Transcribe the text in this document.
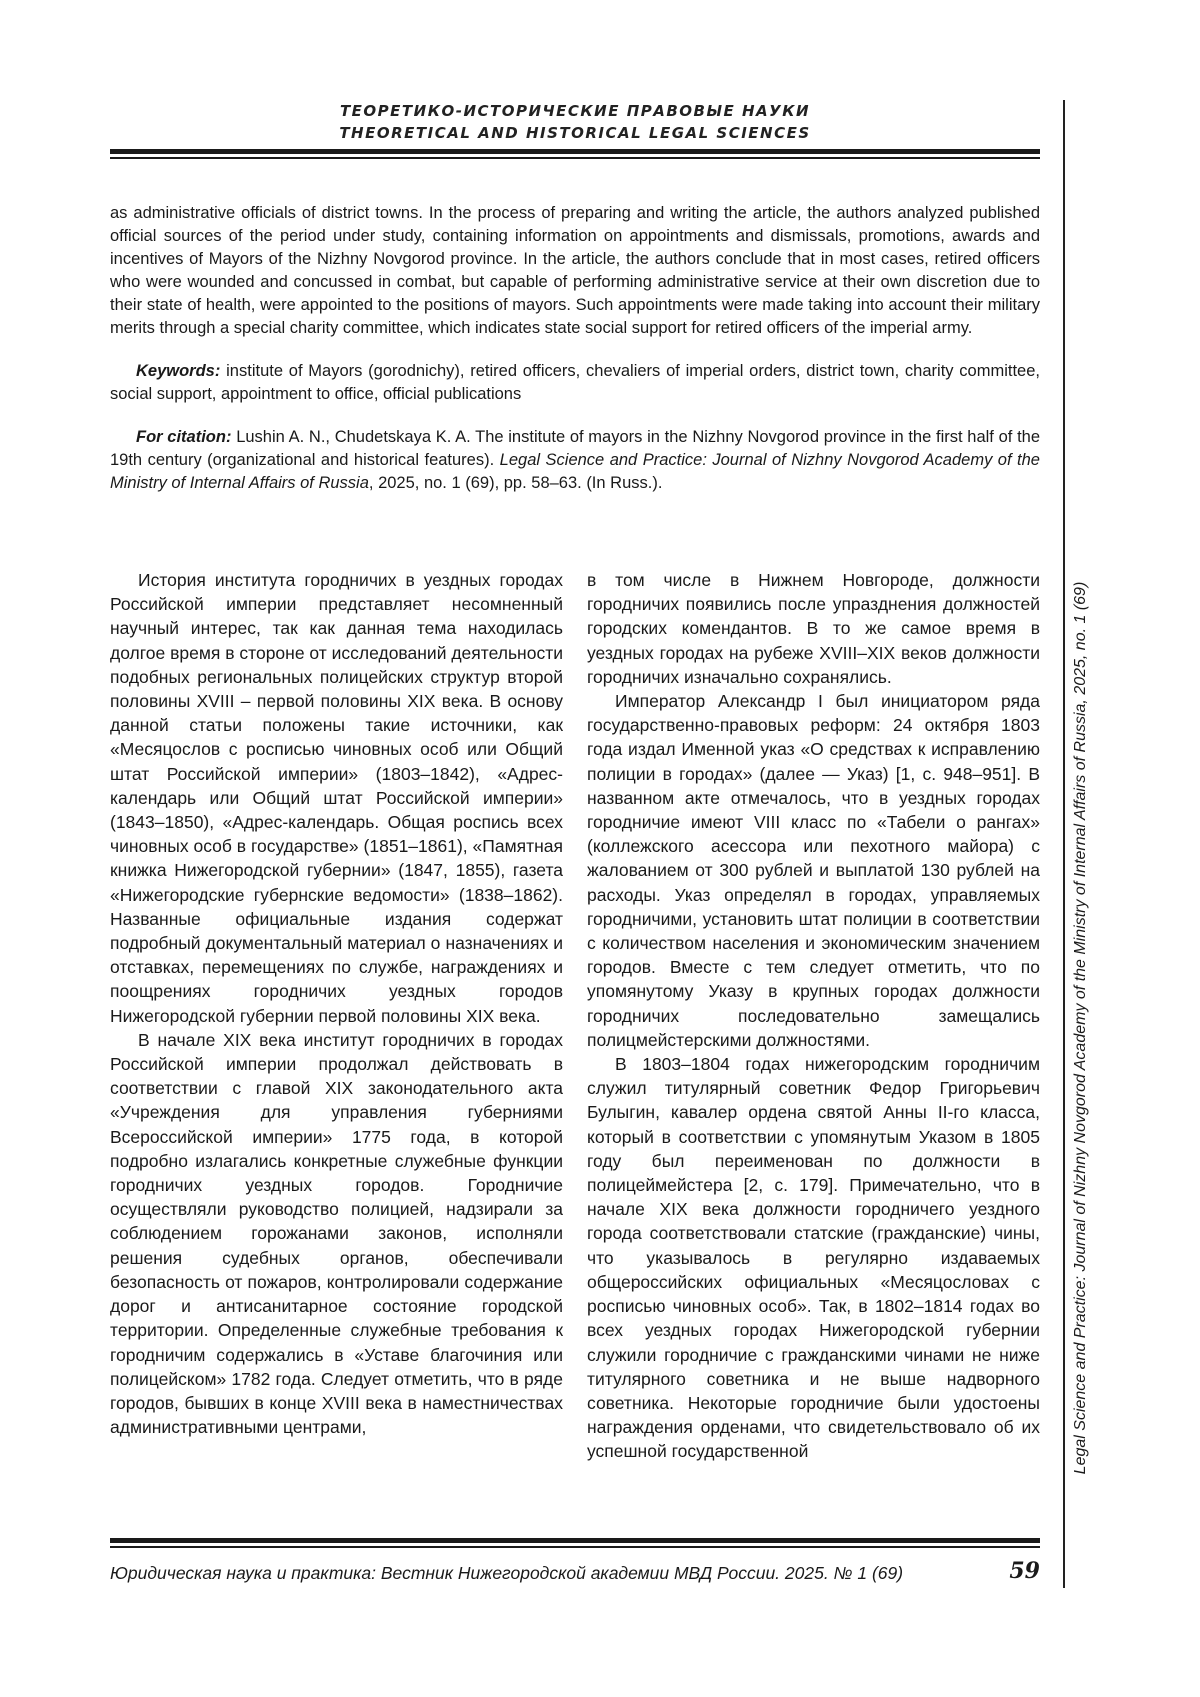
ТЕОРЕТИКО-ИСТОРИЧЕСКИЕ ПРАВОВЫЕ НАУКИ
THEORETICAL AND HISTORICAL LEGAL SCIENCES
Legal Science and Practice: Journal of Nizhny Novgorod Academy of the Ministry of Internal Affairs of Russia, 2025, no. 1 (69)

as administrative officials of district towns. In the process of preparing and writing the article, the authors analyzed published official sources of the period under study, containing information on appointments and dismissals, promotions, awards and incentives of Mayors of the Nizhny Novgorod province. In the article, the authors conclude that in most cases, retired officers who were wounded and concussed in combat, but capable of performing administrative service at their own discretion due to their state of health, were appointed to the positions of mayors. Such appointments were made taking into account their military merits through a special charity committee, which indicates state social support for retired officers of the imperial army.

Keywords: institute of Mayors (gorodnichy), retired officers, chevaliers of imperial orders, district town, charity committee, social support, appointment to office, official publications

For citation: Lushin A. N., Chudetskaya K. A. The institute of mayors in the Nizhny Novgorod province in the first half of the 19th century (organizational and historical features). Legal Science and Practice: Journal of Nizhny Novgorod Academy of the Ministry of Internal Affairs of Russia, 2025, no. 1 (69), pp. 58–63. (In Russ.).

История института городничих в уездных городах Российской империи представляет несомненный научный интерес, так как данная тема находилась долгое время в стороне от исследований деятельности подобных региональных полицейских структур второй половины XVIII – первой половины XIX века. В основу данной статьи положены такие источники, как «Месяцослов с росписью чиновных особ или Общий штат Российской империи» (1803–1842), «Адрес-календарь или Общий штат Российской империи» (1843–1850), «Адрес-календарь. Общая роспись всех чиновных особ в государстве» (1851–1861), «Памятная книжка Нижегородской губернии» (1847, 1855), газета «Нижегородские губернские ведомости» (1838–1862). Названные официальные издания содержат подробный документальный материал о назначениях и отставках, перемещениях по службе, награждениях и поощрениях городничих уездных городов Нижегородской губернии первой половины XIX века.

В начале XIX века институт городничих в городах Российской империи продолжал действовать в соответствии с главой XIX законодательного акта «Учреждения для управления губерниями Всероссийской империи» 1775 года, в которой подробно излагались конкретные служебные функции городничих уездных городов. Городничие осуществляли руководство полицией, надзирали за соблюдением горожанами законов, исполняли решения судебных органов, обеспечивали безопасность от пожаров, контролировали содержание дорог и антисанитарное состояние городской территории. Определенные служебные требования к городничим содержались в «Уставе благочиния или полицейском» 1782 года. Следует отметить, что в ряде городов, бывших в конце XVIII века в наместничествах административными центрами,

в том числе в Нижнем Новгороде, должности городничих появились после упразднения должностей городских комендантов. В то же самое время в уездных городах на рубеже XVIII–XIX веков должности городничих изначально сохранялись.

Император Александр I был инициатором ряда государственно-правовых реформ: 24 октября 1803 года издал Именной указ «О средствах к исправлению полиции в городах» (далее — Указ) [1, с. 948–951]. В названном акте отмечалось, что в уездных городах городничие имеют VIII класс по «Табели о рангах» (коллежского асессора или пехотного майора) с жалованием от 300 рублей и выплатой 130 рублей на расходы. Указ определял в городах, управляемых городничими, установить штат полиции в соответствии с количеством населения и экономическим значением городов. Вместе с тем следует отметить, что по упомянутому Указу в крупных городах должности городничих последовательно замещались полицмейстерскими должностями.

В 1803–1804 годах нижегородским городничим служил титулярный советник Федор Григорьевич Булыгин, кавалер ордена святой Анны II-го класса, который в соответствии с упомянутым Указом в 1805 году был переименован по должности в полицеймейстера [2, с. 179]. Примечательно, что в начале XIX века должности городничего уездного города соответствовали статские (гражданские) чины, что указывалось в регулярно издаваемых общероссийских официальных «Месяцословах с росписью чиновных особ». Так, в 1802–1814 годах во всех уездных городах Нижегородской губернии служили городничие с гражданскими чинами не ниже титулярного советника и не выше надворного советника. Некоторые городничие были удостоены награждения орденами, что свидетельствовало об их успешной государственной

Юридическая наука и практика: Вестник Нижегородской академии МВД России. 2025. № 1 (69)	59
